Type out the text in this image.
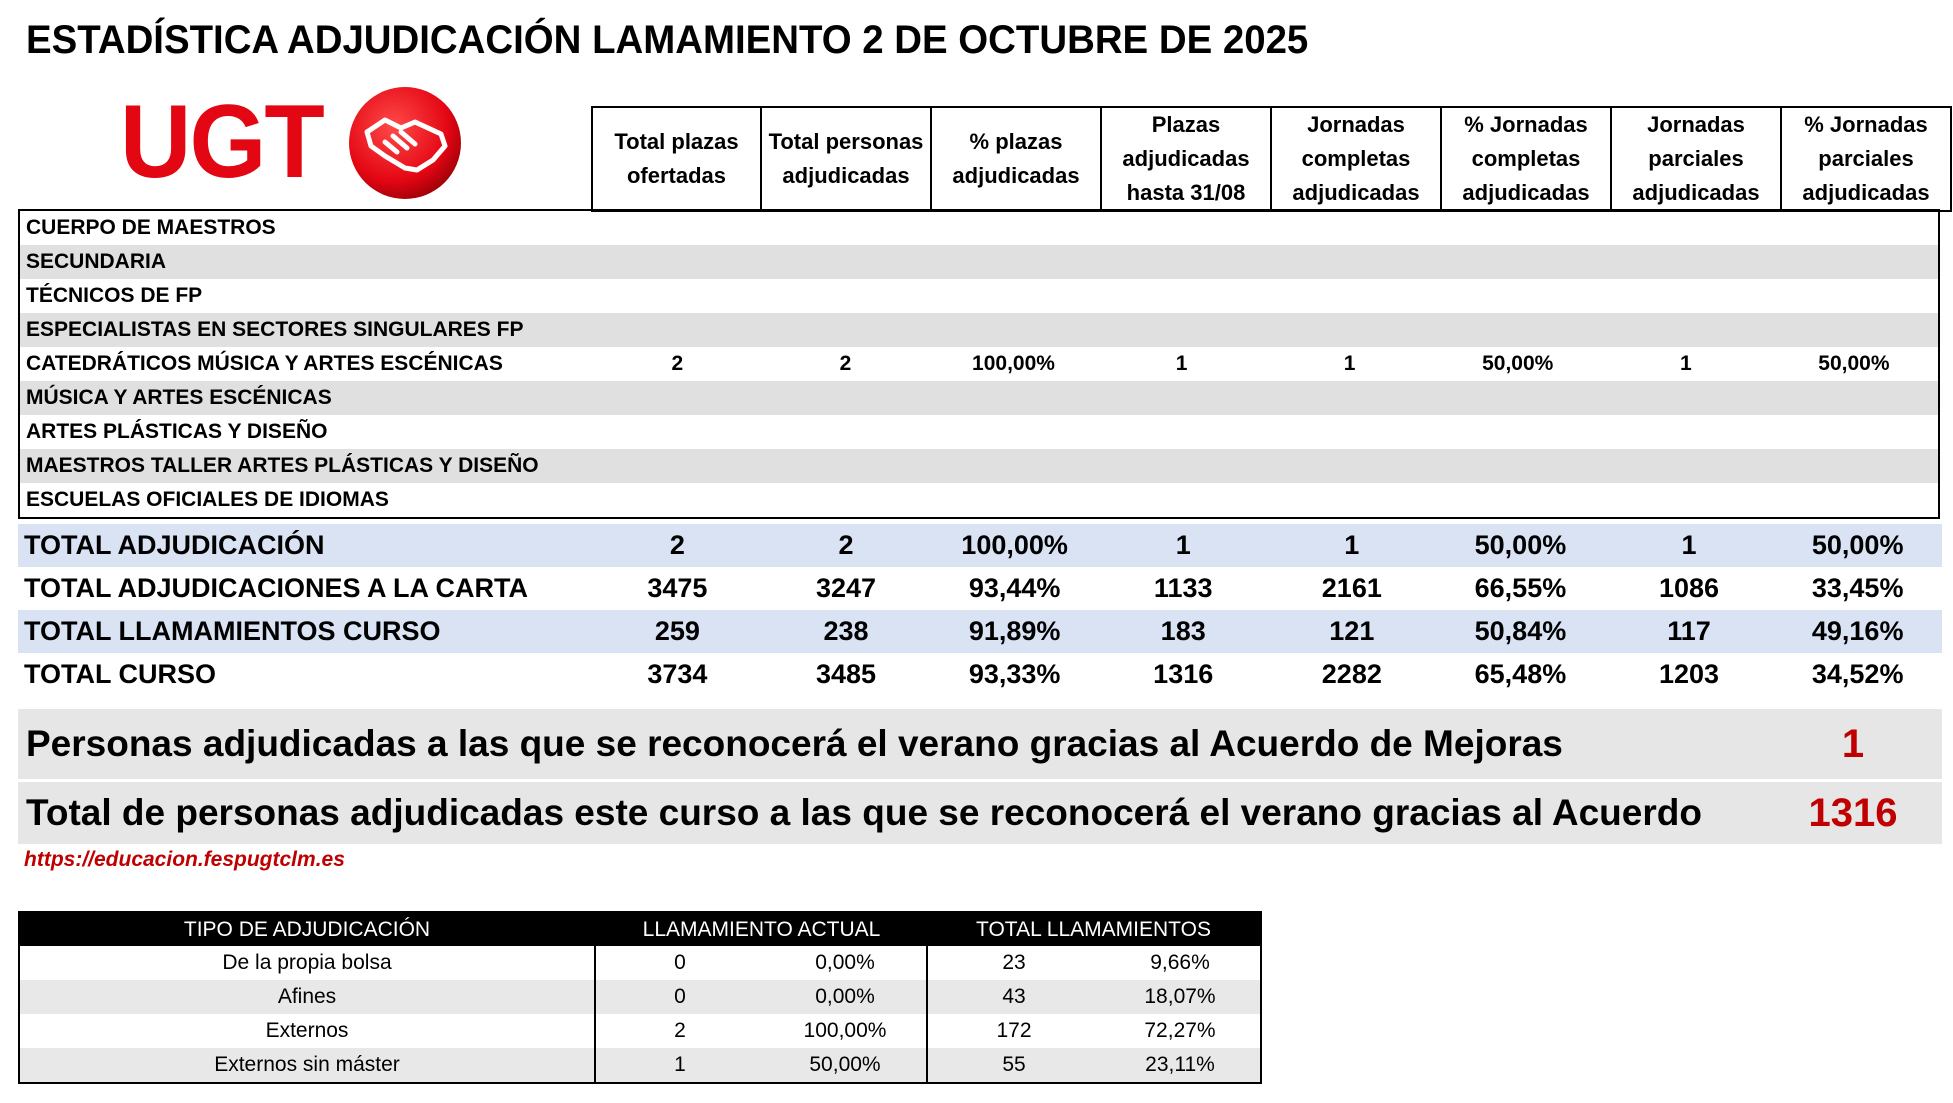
ESTADÍSTICA ADJUDICACIÓN LAMAMIENTO 2 DE OCTUBRE DE 2025
UGT	Total plazas ofertadas	Total personas adjudicadas	% plazas adjudicadas	Plazas adjudicadas hasta 31/08	Jornadas completas adjudicadas	% Jornadas completas adjudicadas	Jornadas parciales adjudicadas	% Jornadas parciales adjudicadas
CUERPO DE MAESTROS								
SECUNDARIA								
TÉCNICOS DE FP								
ESPECIALISTAS EN SECTORES SINGULARES FP								
CATEDRÁTICOS MÚSICA Y ARTES ESCÉNICAS	2	2	100,00%	1	1	50,00%	1	50,00%
MÚSICA Y ARTES ESCÉNICAS								
ARTES PLÁSTICAS Y DISEÑO								
MAESTROS TALLER ARTES PLÁSTICAS Y DISEÑO								
ESCUELAS OFICIALES DE IDIOMAS								
TOTAL ADJUDICACIÓN	2	2	100,00%	1	1	50,00%	1	50,00%
TOTAL ADJUDICACIONES A LA CARTA	3475	3247	93,44%	1133	2161	66,55%	1086	33,45%
TOTAL LLAMAMIENTOS CURSO	259	238	91,89%	183	121	50,84%	117	49,16%
TOTAL CURSO	3734	3485	93,33%	1316	2282	65,48%	1203	34,52%
Personas adjudicadas a las que se reconocerá el verano gracias al Acuerdo de Mejoras	1
Total de personas adjudicadas este curso a las que se reconocerá el verano gracias al Acuerdo	1316
https://educacion.fespugtclm.es
TIPO DE ADJUDICACIÓN	LLAMAMIENTO ACTUAL		TOTAL LLAMAMIENTOS	
De la propia bolsa	0	0,00%	23	9,66%
Afines	0	0,00%	43	18,07%
Externos	2	100,00%	172	72,27%
Externos sin máster	1	50,00%	55	23,11%
